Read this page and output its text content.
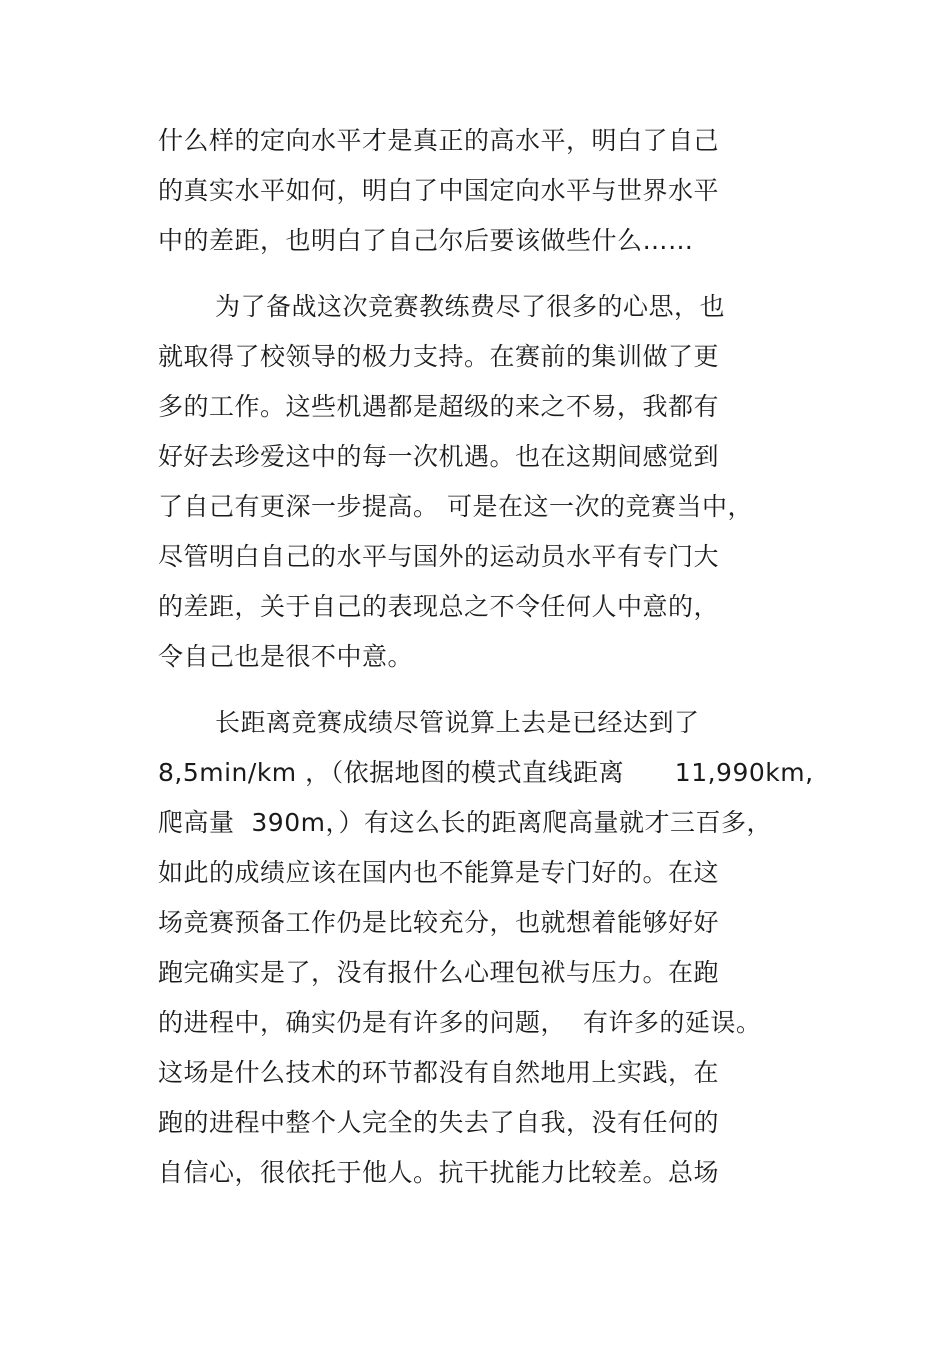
什么样的定向水平才是真正的高水平，明白了自己
的真实水平如何，明白了中国定向水平与世界水平
中的差距，也明白了自己尔后要该做些什么……
为了备战这次竞赛教练费尽了很多的心思，也
就取得了校领导的极力支持。在赛前的集训做了更
多的工作。这些机遇都是超级的来之不易，我都有
好好去珍爱这中的每一次机遇。也在这期间感觉到
了自己有更深一步提高。 可是在这一次的竞赛当中，
尽管明白自己的水平与国外的运动员水平有专门大
的差距，关于自己的表现总之不令任何人中意的，
令自己也是很不中意。
长距离竞赛成绩尽管说算上去是已经达到了
8,5min/km ，（依据地图的模式直线距离      11,990km,
爬高量  390m，）有这么长的距离爬高量就才三百多，
如此的成绩应该在国内也不能算是专门好的。在这
场竞赛预备工作仍是比较充分，也就想着能够好好
跑完确实是了，没有报什么心理包袱与压力。在跑
的进程中，确实仍是有许多的问题，  有许多的延误。
这场是什么技术的环节都没有自然地用上实践，在
跑的进程中整个人完全的失去了自我，没有任何的
自信心，很依托于他人。抗干扰能力比较差。总场
